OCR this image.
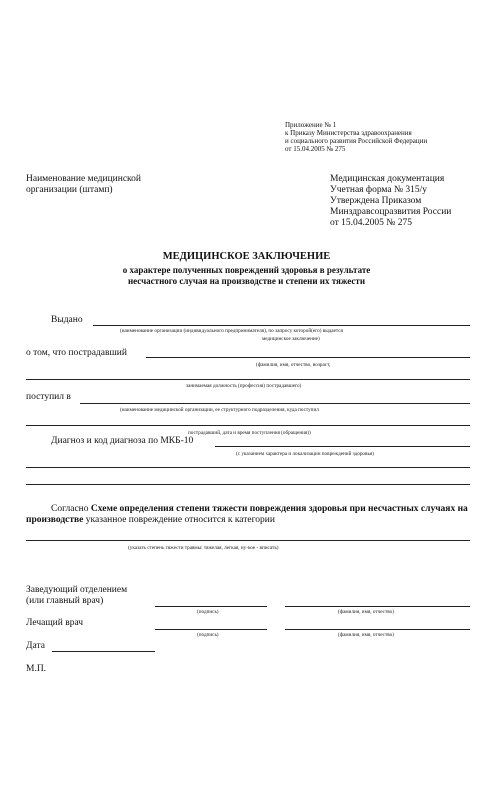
Приложение № 1
к Приказу Министерства здравоохранения
и социального развития Российской Федерации
от 15.04.2005 № 275
Наименование медицинской
организации (штамп)
Медицинская документация
Учетная форма № 315/у
Утверждена Приказом
Минздравсоцразвития России
от 15.04.2005 № 275
МЕДИЦИНСКОЕ ЗАКЛЮЧЕНИЕ
о характере полученных повреждений здоровья в результате
несчастного случая на производстве и степени их тяжести
Выдано
(наименование организации (индивидуального предпринимателя), по запросу которой(его) выдается
медицинское заключение)
о том, что пострадавший
(фамилия, имя, отчество, возраст,
занимаемая должность (профессия) пострадавшего)
поступил в
(наименование медицинской организации, ее структурного подразделения, куда поступил
пострадавший, дата и время поступления (обращения))
Диагноз и код диагноза по МКБ-10
(с указанием характера и локализации повреждений здоровья)
Согласно Схеме определения степени тяжести повреждения здоровья при несчастных случаях на производстве указанное повреждение относится к категории
(указать степень тяжести травмы: тяжелая, легкая, ну-кое - вписать)
Заведующий отделением
(или главный врач)
(подпись)	(фамилия, имя, отчество)
Лечащий врач
(подпись)	(фамилия, имя, отчество)
Дата
М.П.
